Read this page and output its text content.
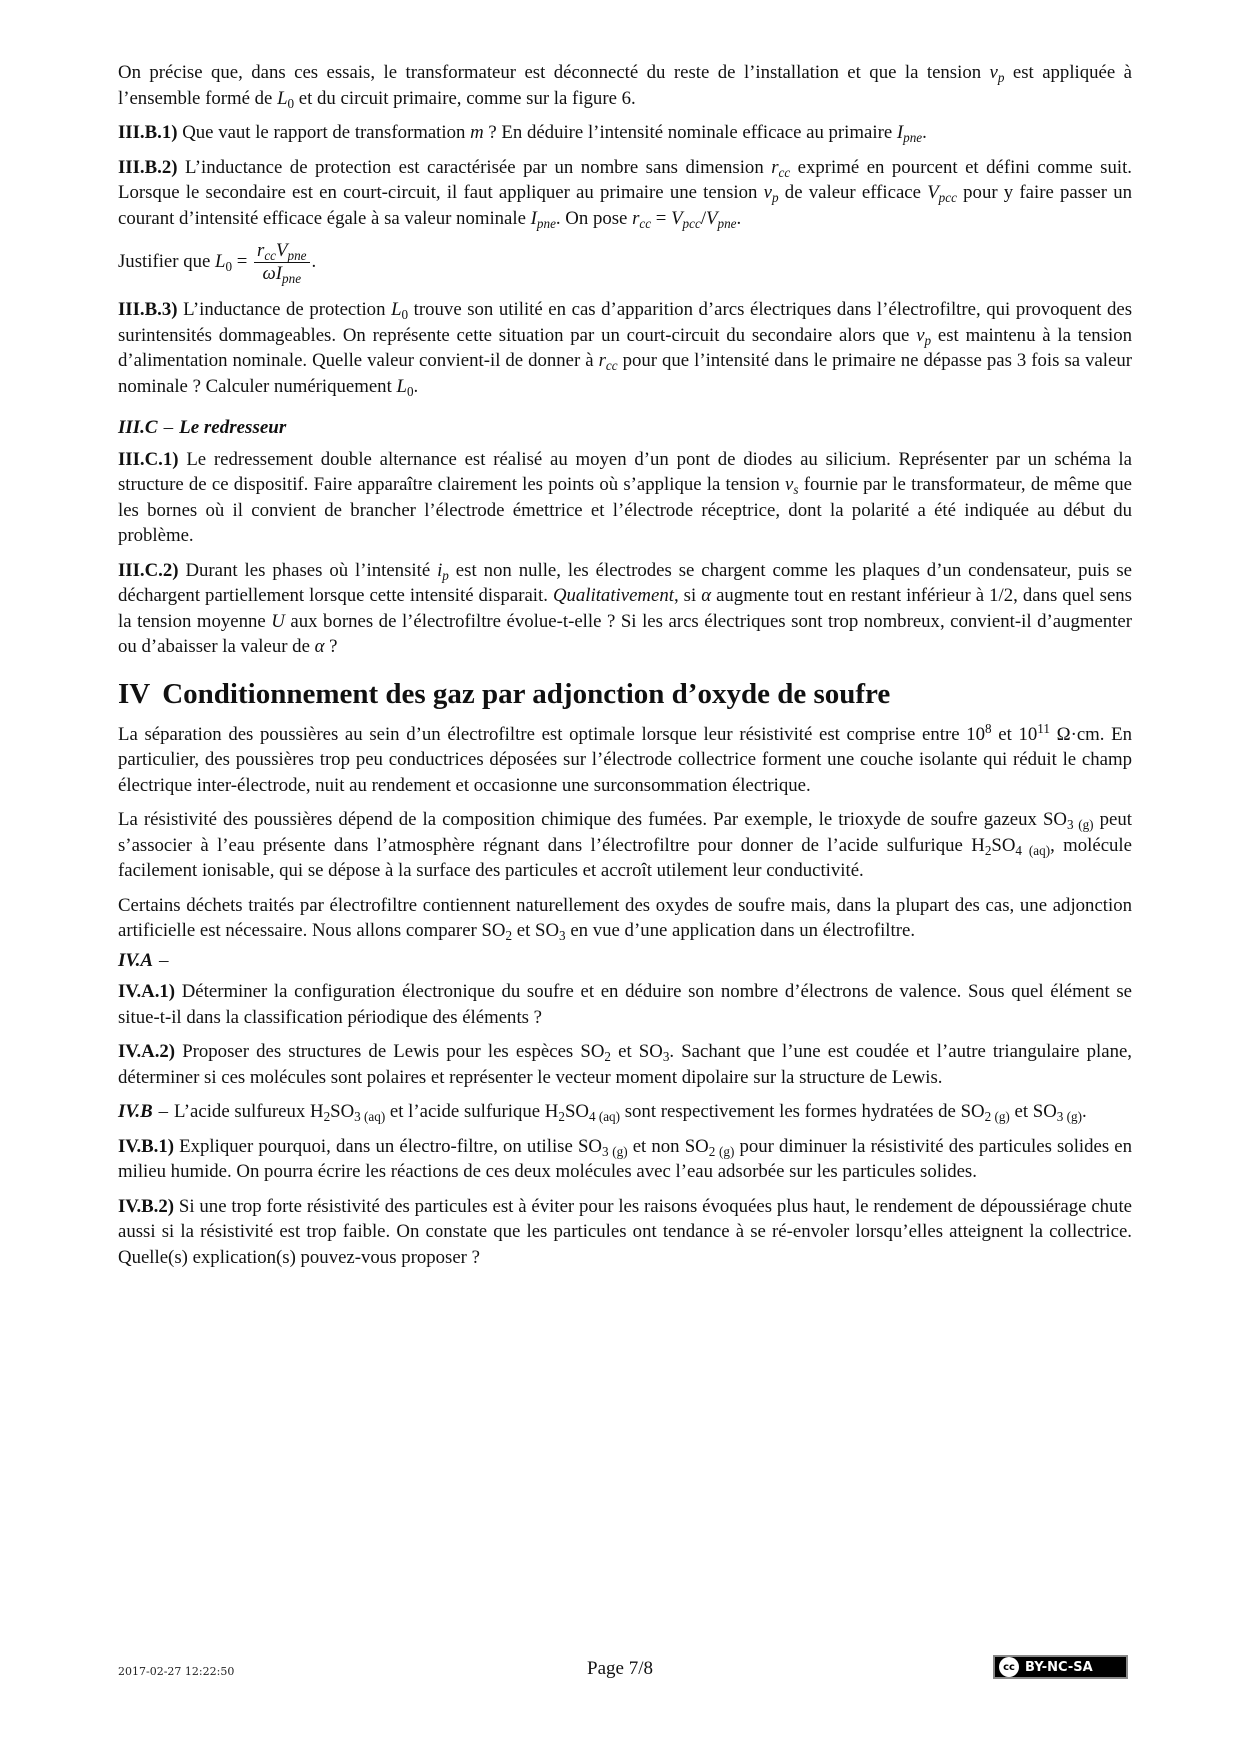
On précise que, dans ces essais, le transformateur est déconnecté du reste de l’installation et que la tension $v_p$ est appliquée à l’ensemble formé de $L_0$ et du circuit primaire, comme sur la figure 6.

III.B.1) Que vaut le rapport de transformation m ? En déduire l’intensité nominale efficace au primaire $I_{pne}$.

III.B.2) L’inductance de protection est caractérisée par un nombre sans dimension $r_{cc}$ exprimé en pourcent et défini comme suit. Lorsque le secondaire est en court-circuit, il faut appliquer au primaire une tension $v_p$ de valeur efficace $V_{pcc}$ pour y faire passer un courant d’intensité efficace égale à sa valeur nominale $I_{pne}$. On pose $r_{cc} = V_{pcc}/V_{pne}$.

Justifier que $L_0 = \frac{r_{cc}V_{pne}}{\omega I_{pne}}$ .

III.B.3) L’inductance de protection $L_0$ trouve son utilité en cas d’apparition d’arcs électriques dans l’électrofiltre, qui provoquent des surintensités dommageables. On représente cette situation par un court-circuit du secondaire alors que $v_p$ est maintenu à la tension d’alimentation nominale. Quelle valeur convient-il de donner à $r_{cc}$ pour que l’intensité dans le primaire ne dépasse pas 3 fois sa valeur nominale ? Calculer numériquement $L_0$.

III.C – Le redresseur

III.C.1) Le redressement double alternance est réalisé au moyen d’un pont de diodes au silicium. Représenter par un schéma la structure de ce dispositif. Faire apparaître clairement les points où s’applique la tension $v_s$ fournie par le transformateur, de même que les bornes où il convient de brancher l’électrode émettrice et l’électrode réceptrice, dont la polarité a été indiquée au début du problème.

III.C.2) Durant les phases où l’intensité $i_p$ est non nulle, les électrodes se chargent comme les plaques d’un condensateur, puis se déchargent partiellement lorsque cette intensité disparait. Qualitativement, si α augmente tout en restant inférieur à 1/2, dans quel sens la tension moyenne U aux bornes de l’électrofiltre évolue-t-elle ? Si les arcs électriques sont trop nombreux, convient-il d’augmenter ou d’abaisser la valeur de α ?

IV Conditionnement des gaz par adjonction d’oxyde de soufre

La séparation des poussières au sein d’un électrofiltre est optimale lorsque leur résistivité est comprise entre $10^8$ et $10^{11}$ Ω·cm. En particulier, des poussières trop peu conductrices déposées sur l’électrode collectrice forment une couche isolante qui réduit le champ électrique inter-électrode, nuit au rendement et occasionne une surconsommation électrique.

La résistivité des poussières dépend de la composition chimique des fumées. Par exemple, le trioxyde de soufre gazeux $SO_{3 (g)}$ peut s’associer à l’eau présente dans l’atmosphère régnant dans l’électrofiltre pour donner de l’acide sulfurique $H_2SO_{4 (aq)}$, molécule facilement ionisable, qui se dépose à la surface des particules et accroît utilement leur conductivité.

Certains déchets traités par électrofiltre contiennent naturellement des oxydes de soufre mais, dans la plupart des cas, une adjonction artificielle est nécessaire. Nous allons comparer $SO_2$ et $SO_3$ en vue d’une application dans un électrofiltre.

IV.A –

IV.A.1) Déterminer la configuration électronique du soufre et en déduire son nombre d’électrons de valence. Sous quel élément se situe-t-il dans la classification périodique des éléments ?

IV.A.2) Proposer des structures de Lewis pour les espèces $SO_2$ et $SO_3$. Sachant que l’une est coudée et l’autre triangulaire plane, déterminer si ces molécules sont polaires et représenter le vecteur moment dipolaire sur la structure de Lewis.

IV.B – L’acide sulfureux $H_2SO_{3 (aq)}$ et l’acide sulfurique $H_2SO_{4 (aq)}$ sont respectivement les formes hydratées de $SO_{2 (g)}$ et $SO_{3 (g)}$.

IV.B.1) Expliquer pourquoi, dans un électro-filtre, on utilise $SO_{3 (g)}$ et non $SO_{2 (g)}$ pour diminuer la résistivité des particules solides en milieu humide. On pourra écrire les réactions de ces deux molécules avec l’eau adsorbée sur les particules solides.

IV.B.2) Si une trop forte résistivité des particules est à éviter pour les raisons évoquées plus haut, le rendement de dépoussiérage chute aussi si la résistivité est trop faible. On constate que les particules ont tendance à se ré-envoler lorsqu’elles atteignent la collectrice. Quelle(s) explication(s) pouvez-vous proposer ?

2017-02-27 12:22:50	Page 7/8	cc BY-NC-SA
